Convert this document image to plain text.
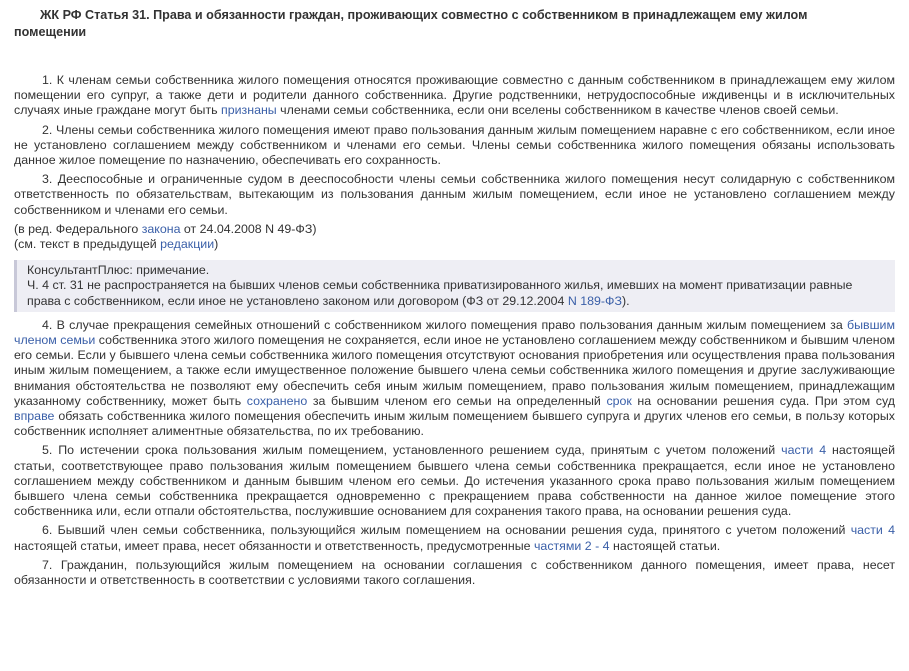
ЖК РФ Статья 31. Права и обязанности граждан, проживающих совместно с собственником в принадлежащем ему жилом
помещении

1. К членам семьи собственника жилого помещения относятся проживающие совместно с данным собственником в принадлежащем ему жилом помещении его супруг, а также дети и родители данного собственника. Другие родственники, нетрудоспособные иждивенцы и в исключительных случаях иные граждане могут быть признаны членами семьи собственника, если они вселены собственником в качестве членов своей семьи.

2. Члены семьи собственника жилого помещения имеют право пользования данным жилым помещением наравне с его собственником, если иное не установлено соглашением между собственником и членами его семьи. Члены семьи собственника жилого помещения обязаны использовать данное жилое помещение по назначению, обеспечивать его сохранность.

3. Дееспособные и ограниченные судом в дееспособности члены семьи собственника жилого помещения несут солидарную с собственником ответственность по обязательствам, вытекающим из пользования данным жилым помещением, если иное не установлено соглашением между собственником и членами его семьи.

(в ред. Федерального закона от 24.04.2008 N 49-ФЗ)

(см. текст в предыдущей редакции)

КонсультантПлюс: примечание.

Ч. 4 ст. 31 не распространяется на бывших членов семьи собственника приватизированного жилья, имевших на момент приватизации равные права с собственником, если иное не установлено законом или договором (ФЗ от 29.12.2004 N 189-ФЗ).

4. В случае прекращения семейных отношений с собственником жилого помещения право пользования данным жилым помещением за бывшим членом семьи собственника этого жилого помещения не сохраняется, если иное не установлено соглашением между собственником и бывшим членом его семьи. Если у бывшего члена семьи собственника жилого помещения отсутствуют основания приобретения или осуществления права пользования иным жилым помещением, а также если имущественное положение бывшего члена семьи собственника жилого помещения и другие заслуживающие внимания обстоятельства не позволяют ему обеспечить себя иным жилым помещением, право пользования жилым помещением, принадлежащим указанному собственнику, может быть сохранено за бывшим членом его семьи на определенный срок на основании решения суда. При этом суд вправе обязать собственника жилого помещения обеспечить иным жилым помещением бывшего супруга и других членов его семьи, в пользу которых собственник исполняет алиментные обязательства, по их требованию.

5. По истечении срока пользования жилым помещением, установленного решением суда, принятым с учетом положений части 4 настоящей статьи, соответствующее право пользования жилым помещением бывшего члена семьи собственника прекращается, если иное не установлено соглашением между собственником и данным бывшим членом его семьи. До истечения указанного срока право пользования жилым помещением бывшего члена семьи собственника прекращается одновременно с прекращением права собственности на данное жилое помещение этого собственника или, если отпали обстоятельства, послужившие основанием для сохранения такого права, на основании решения суда.

6. Бывший член семьи собственника, пользующийся жилым помещением на основании решения суда, принятого с учетом положений части 4 настоящей статьи, имеет права, несет обязанности и ответственность, предусмотренные частями 2 - 4 настоящей статьи.

7. Гражданин, пользующийся жилым помещением на основании соглашения с собственником данного помещения, имеет права, несет обязанности и ответственность в соответствии с условиями такого соглашения.
